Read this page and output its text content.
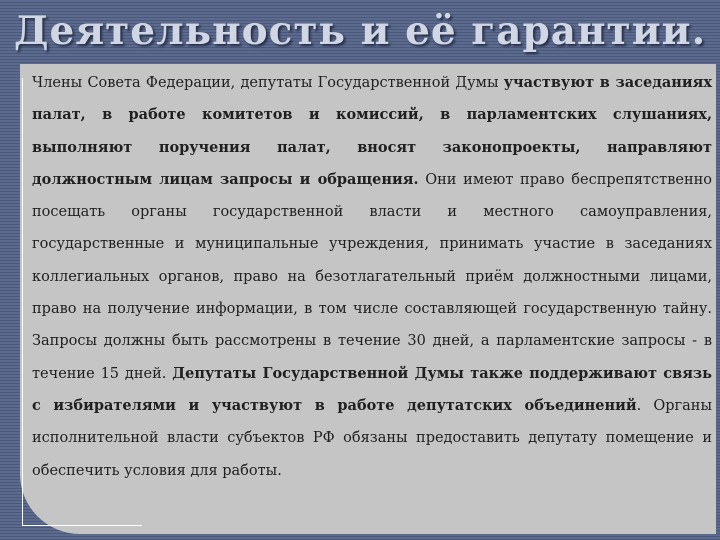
Деятельность и её гарантии.
Члены Совета Федерации, депутаты Государственной Думы участвуют в заседаниях палат, в работе комитетов и комиссий, в парламентских слушаниях, выполняют поручения палат, вносят законопроекты, направляют должностным лицам запросы и обращения. Они имеют право беспрепятственно посещать органы государственной власти и местного самоуправления, государственные и муниципальные учреждения, принимать участие в заседаниях коллегиальных органов, право на безотлагательный приём должностными лицами, право на получение информации, в том числе составляющей государственную тайну. Запросы должны быть рассмотрены в течение 30 дней, а парламентские запросы - в течение 15 дней. Депутаты Государственной Думы также поддерживают связь с избирателями и участвуют в работе депутатских объединений. Органы исполнительной власти субъектов РФ обязаны предоставить депутату помещение и обеспечить условия для работы.
